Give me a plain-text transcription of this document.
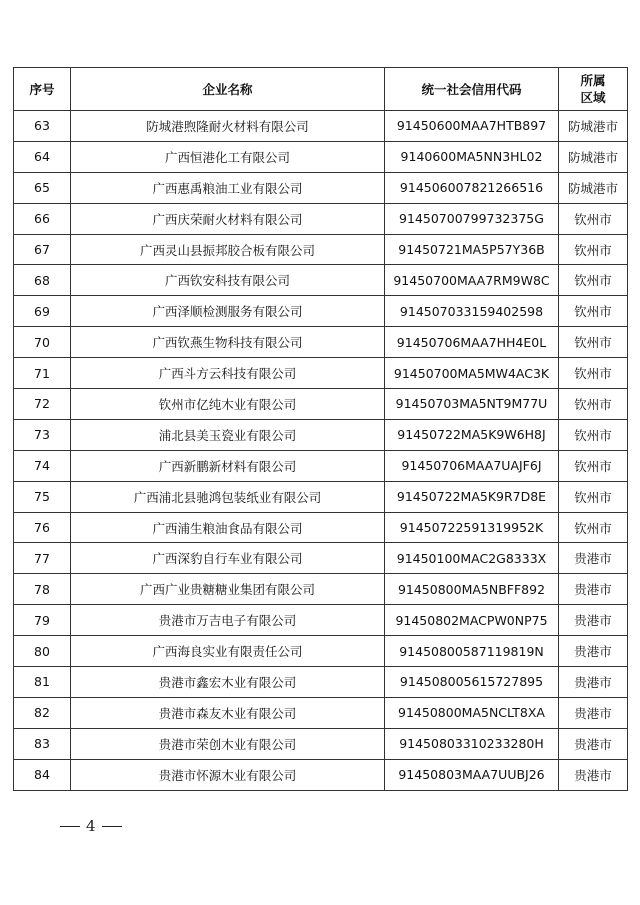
序号	企业名称	统一社会信用代码	所属
区域

63	防城港煦隆耐火材料有限公司	91450600MAA7HTB897	防城港市
64	广西恒港化工有限公司	9140600MA5NN3HL02	防城港市
65	广西惠禹粮油工业有限公司	914506007821266516	防城港市
66	广西庆荣耐火材料有限公司	91450700799732375G	钦州市
67	广西灵山县振邦胶合板有限公司	91450721MA5P57Y36B	钦州市
68	广西钦安科技有限公司	91450700MAA7RM9W8C	钦州市
69	广西泽顺检测服务有限公司	914507033159402598	钦州市
70	广西钦燕生物科技有限公司	91450706MAA7HH4E0L	钦州市
71	广西斗方云科技有限公司	91450700MA5MW4AC3K	钦州市
72	钦州市亿纯木业有限公司	91450703MA5NT9M77U	钦州市
73	浦北县美玉瓷业有限公司	91450722MA5K9W6H8J	钦州市
74	广西新鹏新材料有限公司	91450706MAA7UAJF6J	钦州市
75	广西浦北县驰鸿包装纸业有限公司	91450722MA5K9R7D8E	钦州市
76	广西浦生粮油食品有限公司	91450722591319952K	钦州市
77	广西深豹自行车业有限公司	91450100MAC2G8333X	贵港市
78	广西广业贵糖糖业集团有限公司	91450800MA5NBFF892	贵港市
79	贵港市万吉电子有限公司	91450802MACPW0NP75	贵港市
80	广西海良实业有限责任公司	91450800587119819N	贵港市
81	贵港市鑫宏木业有限公司	914508005615727895	贵港市
82	贵港市森友木业有限公司	91450800MA5NCLT8XA	贵港市
83	贵港市荣创木业有限公司	91450803310233280H	贵港市
84	贵港市怀源木业有限公司	91450803MAA7UUBJ26	贵港市
4
